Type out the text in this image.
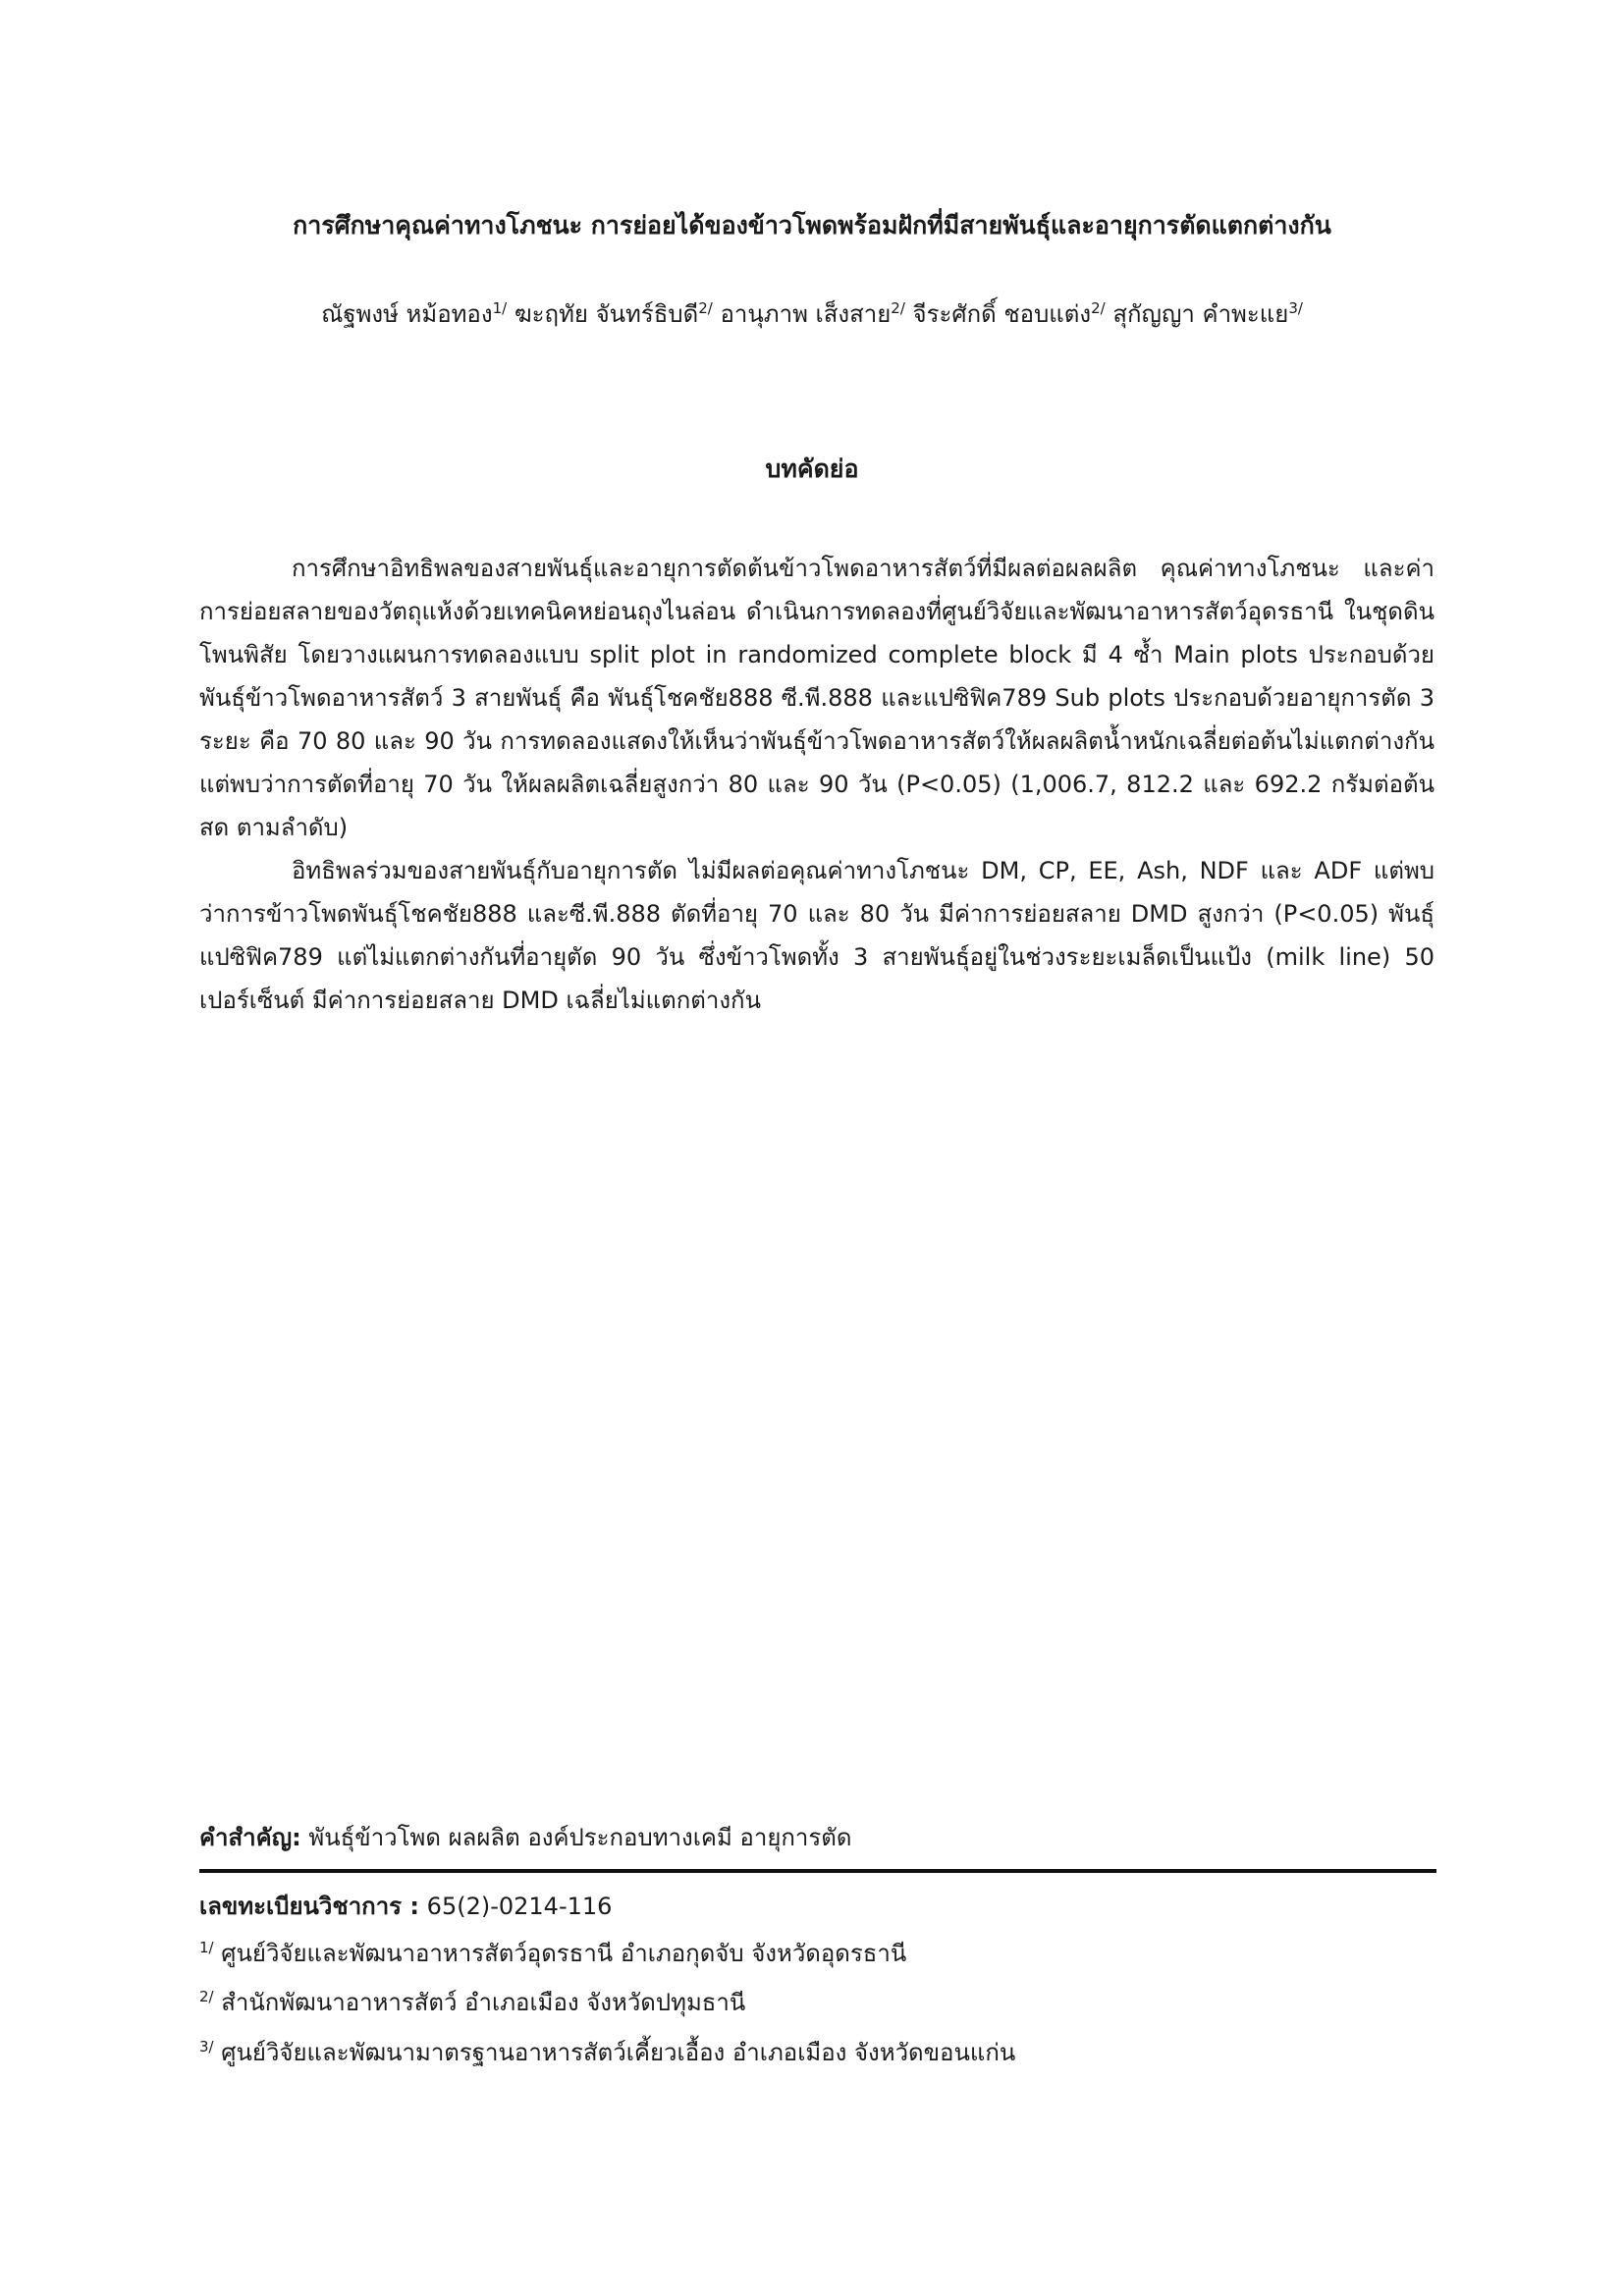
การศึกษาคุณค่าทางโภชนะ การย่อยได้ของข้าวโพดพร้อมฝักที่มีสายพันธุ์และอายุการตัดแตกต่างกัน
ณัฐพงษ์ หม้อทอง$^{1/}$ ฆะฤทัย จันทร์ธิบดี$^{2/}$ อานุภาพ เส็งสาย$^{2/}$ จีระศักดิ์ ชอบแต่ง$^{2/}$ สุกัญญา คำพะแย$^{3/}$
บทคัดย่อ

การศึกษาอิทธิพลของสายพันธุ์และอายุการตัดต้นข้าวโพดอาหารสัตว์ที่มีผลต่อผลผลิต คุณค่าทางโภชนะ และค่าการย่อยสลายของวัตถุแห้งด้วยเทคนิคหย่อนถุงไนล่อน ดำเนินการทดลองที่ศูนย์วิจัยและพัฒนาอาหารสัตว์อุดรธานี ในชุดดินโพนพิสัย โดยวางแผนการทดลองแบบ split plot in randomized complete block มี 4 ซ้ำ Main plots ประกอบด้วย พันธุ์ข้าวโพดอาหารสัตว์ 3 สายพันธุ์ คือ พันธุ์โชคชัย888 ซี.พี.888 และแปซิฟิค789 Sub plots ประกอบด้วยอายุการตัด 3 ระยะ คือ 70 80 และ 90 วัน การทดลองแสดงให้เห็นว่าพันธุ์ข้าวโพดอาหารสัตว์ให้ผลผลิตน้ำหนักเฉลี่ยต่อต้นไม่แตกต่างกัน แต่พบว่าการตัดที่อายุ 70 วัน ให้ผลผลิตเฉลี่ยสูงกว่า 80 และ 90 วัน (P<0.05) (1,006.7, 812.2 และ 692.2 กรัมต่อต้นสด ตามลำดับ)

อิทธิพลร่วมของสายพันธุ์กับอายุการตัด ไม่มีผลต่อคุณค่าทางโภชนะ DM, CP, EE, Ash, NDF และ ADF แต่พบว่าการข้าวโพดพันธุ์โชคชัย888 และซี.พี.888 ตัดที่อายุ 70 และ 80 วัน มีค่าการย่อยสลาย DMD สูงกว่า (P<0.05) พันธุ์แปซิฟิค789 แต่ไม่แตกต่างกันที่อายุตัด 90 วัน ซึ่งข้าวโพดทั้ง 3 สายพันธุ์อยู่ในช่วงระยะเมล็ดเป็นแป้ง (milk line) 50 เปอร์เซ็นต์ มีค่าการย่อยสลาย DMD เฉลี่ยไม่แตกต่างกัน

คำสำคัญ: พันธุ์ข้าวโพด ผลผลิต องค์ประกอบทางเคมี อายุการตัด
เลขทะเบียนวิชาการ : 65(2)-0214-116
$^{1/}$ ศูนย์วิจัยและพัฒนาอาหารสัตว์อุดรธานี อำเภอกุดจับ จังหวัดอุดรธานี
$^{2/}$ สำนักพัฒนาอาหารสัตว์ อำเภอเมือง จังหวัดปทุมธานี
$^{3/}$ ศูนย์วิจัยและพัฒนามาตรฐานอาหารสัตว์เคี้ยวเอื้อง อำเภอเมือง จังหวัดขอนแก่น
